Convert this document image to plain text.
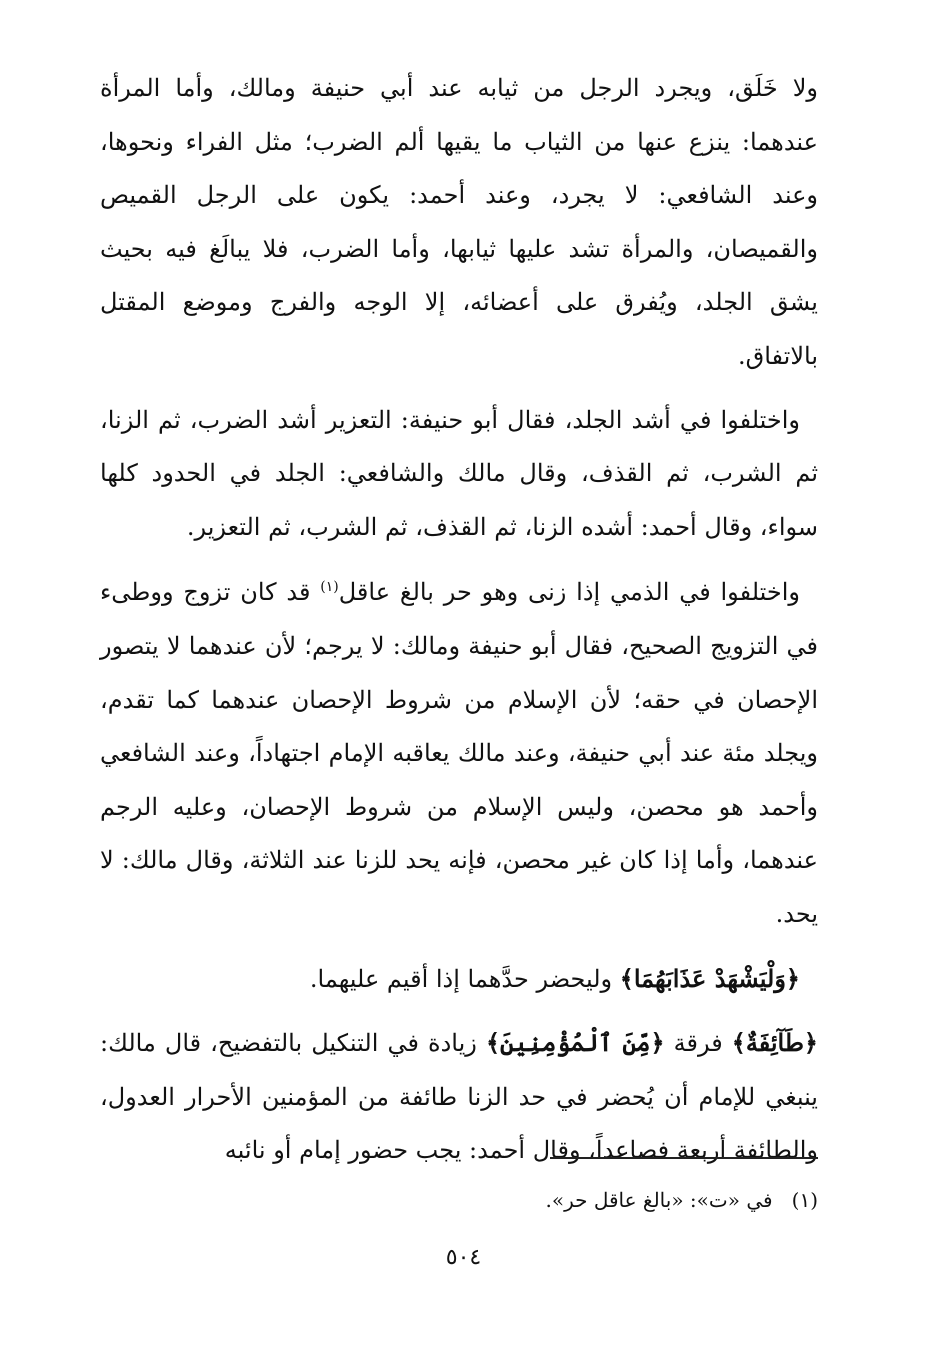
ولا خَلَق، ويجرد الرجل من ثيابه عند أبي حنيفة ومالك، وأما المرأة عندهما: ينزع عنها من الثياب ما يقيها ألم الضرب؛ مثل الفراء ونحوها، وعند الشافعي: لا يجرد، وعند أحمد: يكون على الرجل القميص والقميصان، والمرأة تشد عليها ثيابها، وأما الضرب، فلا يبالَغ فيه بحيث يشق الجلد، ويُفرق على أعضائه، إلا الوجه والفرج وموضع المقتل بالاتفاق.

واختلفوا في أشد الجلد، فقال أبو حنيفة: التعزير أشد الضرب، ثم الزنا، ثم الشرب، ثم القذف، وقال مالك والشافعي: الجلد في الحدود كلها سواء، وقال أحمد: أشده الزنا، ثم القذف، ثم الشرب، ثم التعزير.

واختلفوا في الذمي إذا زنى وهو حر بالغ عاقل$^{(١)}$ قد كان تزوج ووطىء في التزويج الصحيح، فقال أبو حنيفة ومالك: لا يرجم؛ لأن عندهما لا يتصور الإحصان في حقه؛ لأن الإسلام من شروط الإحصان عندهما كما تقدم، ويجلد مئة عند أبي حنيفة، وعند مالك يعاقبه الإمام اجتهاداً، وعند الشافعي وأحمد هو محصن، وليس الإسلام من شروط الإحصان، وعليه الرجم عندهما، وأما إذا كان غير محصن، فإنه يحد للزنا عند الثلاثة، وقال مالك: لا يحد.

﴿وَلْيَشْهَدْ عَذَابَهُمَا﴾ وليحضر حدَّهما إذا أقيم عليهما.

﴿طَآئِفَةٌ﴾ فرقة ﴿مِّنَ ٱلْمُؤْمِنِينَ﴾ زيادة في التنكيل بالتفضيح، قال مالك: ينبغي للإمام أن يُحضر في حد الزنا طائفة من المؤمنين الأحرار العدول، والطائفة أربعة فصاعداً، وقال أحمد: يجب حضور إمام أو نائبه

(١)   في «ت»: «بالغ عاقل حر».
٥٠٤
